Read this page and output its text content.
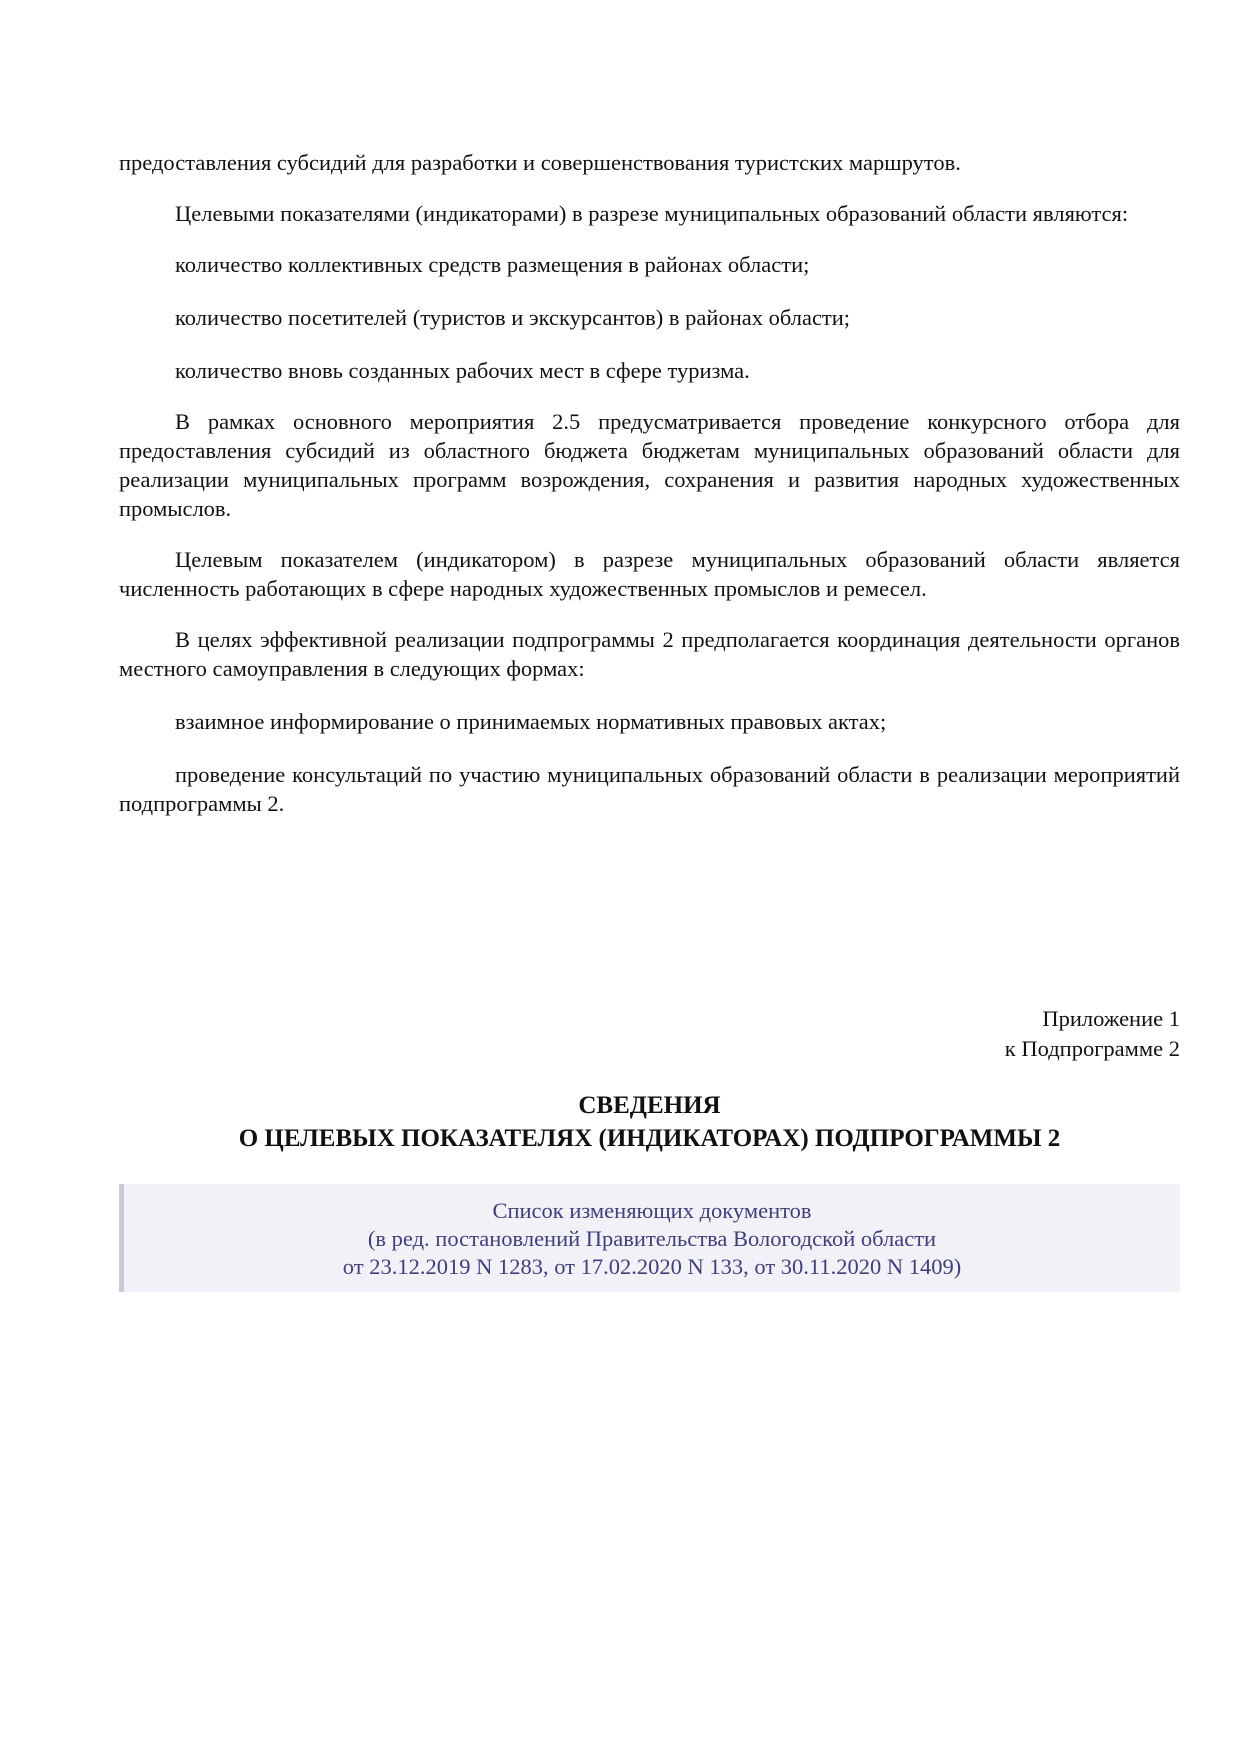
предоставления субсидий для разработки и совершенствования туристских маршрутов.

Целевыми показателями (индикаторами) в разрезе муниципальных образований области являются:

количество коллективных средств размещения в районах области;

количество посетителей (туристов и экскурсантов) в районах области;

количество вновь созданных рабочих мест в сфере туризма.

В рамках основного мероприятия 2.5 предусматривается проведение конкурсного отбора для предоставления субсидий из областного бюджета бюджетам муниципальных образований области для реализации муниципальных программ возрождения, сохранения и развития народных художественных промыслов.

Целевым показателем (индикатором) в разрезе муниципальных образований области является численность работающих в сфере народных художественных промыслов и ремесел.

В целях эффективной реализации подпрограммы 2 предполагается координация деятельности органов местного самоуправления в следующих формах:

взаимное информирование о принимаемых нормативных правовых актах;

проведение консультаций по участию муниципальных образований области в реализации мероприятий подпрограммы 2.

Приложение 1
к Подпрограмме 2
СВЕДЕНИЯ
О ЦЕЛЕВЫХ ПОКАЗАТЕЛЯХ (ИНДИКАТОРАХ) ПОДПРОГРАММЫ 2
Список изменяющих документов
(в ред. постановлений Правительства Вологодской области
от 23.12.2019 N 1283, от 17.02.2020 N 133, от 30.11.2020 N 1409)
